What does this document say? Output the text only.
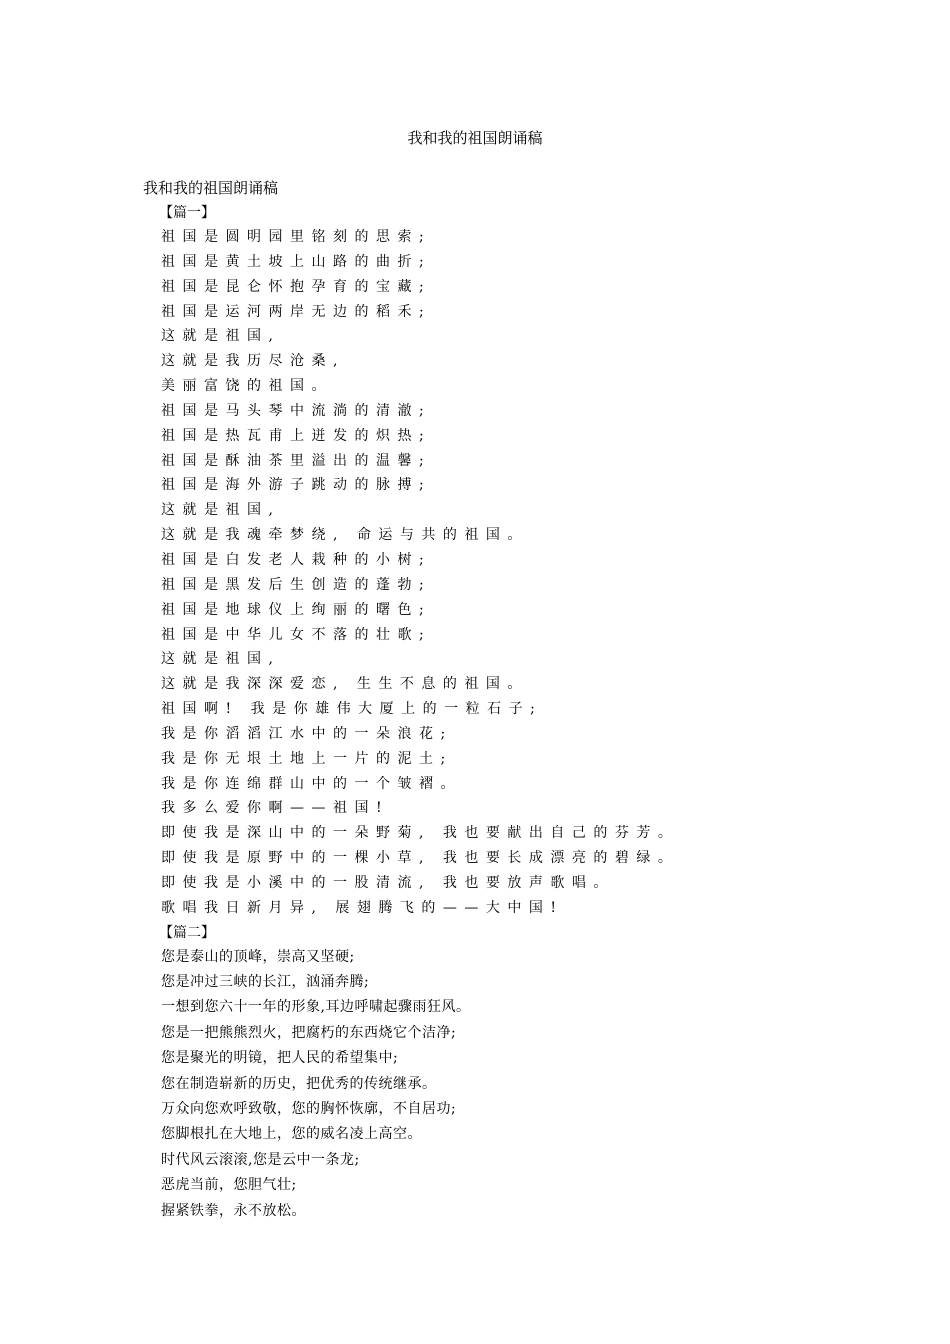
我和我的祖国朗诵稿
我和我的祖国朗诵稿
【篇一】
祖国是圆明园里铭刻的思索;
祖国是黄土坡上山路的曲折;
祖国是昆仑怀抱孕育的宝藏;
祖国是运河两岸无边的稻禾;
这就是祖国,
这就是我历尽沧桑,
美丽富饶的祖国。
祖国是马头琴中流淌的清澈;
祖国是热瓦甫上迸发的炽热;
祖国是酥油茶里溢出的温馨;
祖国是海外游子跳动的脉搏;
这就是祖国,
这就是我魂牵梦绕, 命运与共的祖国。
祖国是白发老人栽种的小树;
祖国是黑发后生创造的蓬勃;
祖国是地球仪上绚丽的曙色;
祖国是中华儿女不落的壮歌;
这就是祖国,
这就是我深深爱恋, 生生不息的祖国。
祖国啊! 我是你雄伟大厦上的一粒石子;
我是你滔滔江水中的一朵浪花;
我是你无垠土地上一片的泥土;
我是你连绵群山中的一个皱褶。
我多么爱你啊——祖国!
即使我是深山中的一朵野菊, 我也要献出自己的芬芳。
即使我是原野中的一棵小草, 我也要长成漂亮的碧绿。
即使我是小溪中的一股清流, 我也要放声歌唱。
歌唱我日新月异, 展翅腾飞的——大中国!
【篇二】
您是泰山的顶峰，崇高又坚硬;
您是冲过三峡的长江，汹涌奔腾;
一想到您六十一年的形象,耳边呼啸起骤雨狂风。
您是一把熊熊烈火，把腐朽的东西烧它个洁净;
您是聚光的明镜，把人民的希望集中;
您在制造崭新的历史，把优秀的传统继承。
万众向您欢呼致敬，您的胸怀恢廓，不自居功;
您脚根扎在大地上，您的威名凌上高空。
时代风云滚滚,您是云中一条龙;
恶虎当前，您胆气壮;
握紧铁拳，永不放松。
